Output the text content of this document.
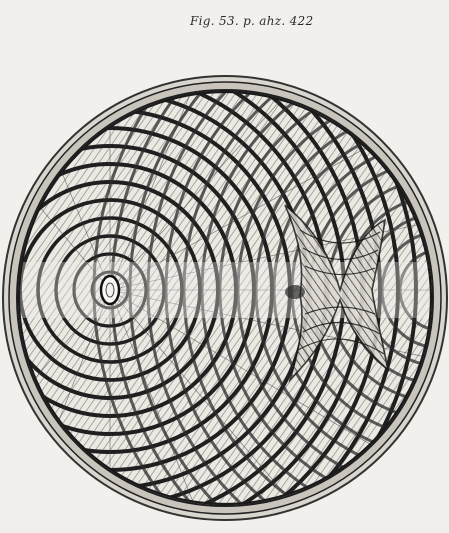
Fig. 53. p. ahz. 422
